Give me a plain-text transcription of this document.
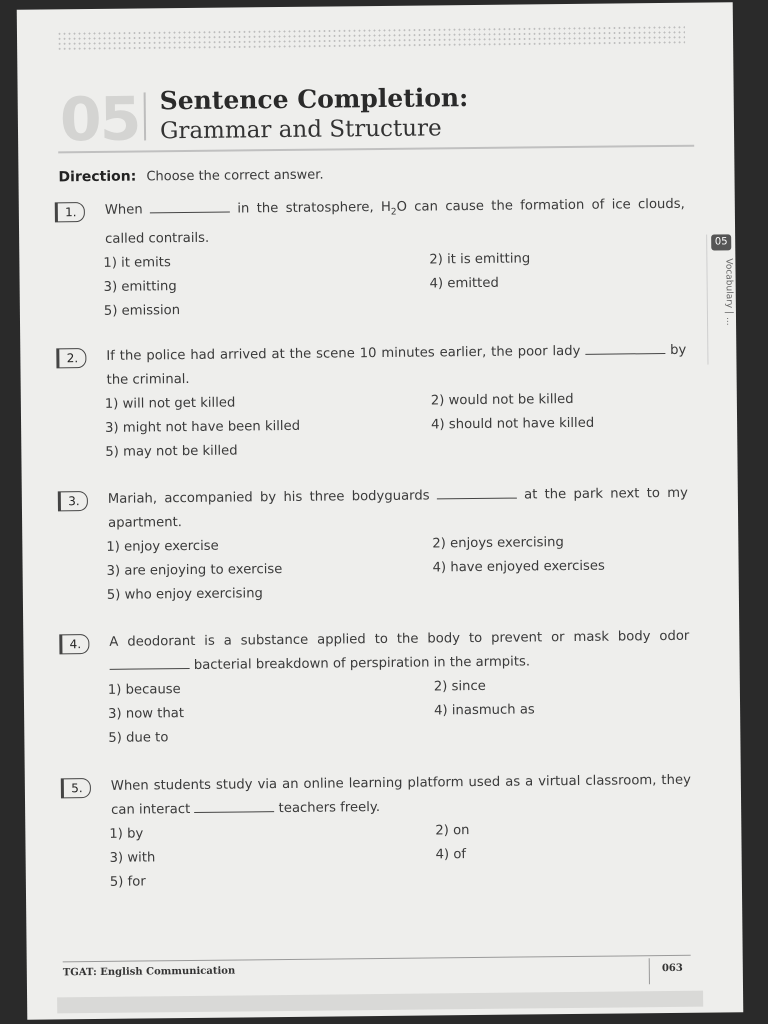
05 Sentence Completion:
Grammar and Structure
Direction: Choose the correct answer.
1.	When	in the stratosphere, $H_2O$ can cause the formation of ice clouds, called contrails.
1) it emits	2) it is emitting
3) emitting	4) emitted
5) emission
2.	If the police had arrived at the scene 10 minutes earlier, the poor lady	by the criminal.
1) will not get killed	2) would not be killed
3) might not have been killed	4) should not have killed
5) may not be killed
3.	Mariah, accompanied by his three bodyguards	at the park next to my apartment.
1) enjoy exercise	2) enjoys exercising
3) are enjoying to exercise	4) have enjoyed exercises
5) who enjoy exercising
4.	A deodorant is a substance applied to the body to prevent or mask body odor  bacterial breakdown of perspiration in the armpits.
1) because	2) since
3) now that	4) inasmuch as
5) due to
5.	When students study via an online learning platform used as a virtual classroom, they can interact	teachers freely.
1) by	2) on
3) with	4) of
5) for
05
Vocabulary | ...
TGAT: English Communication	063
